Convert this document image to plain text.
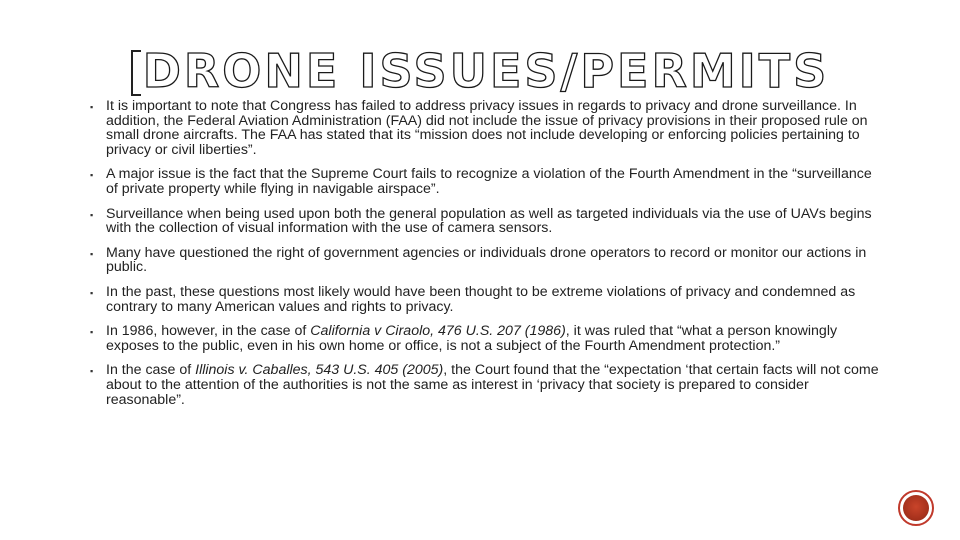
DRONE ISSUES/PERMITS
▪ It is important to note that Congress has failed to address privacy issues in regards to privacy and drone surveillance. In addition, the Federal Aviation Administration (FAA) did not include the issue of privacy provisions in their proposed rule on small drone aircrafts. The FAA has stated that its “mission does not include developing or enforcing policies pertaining to privacy or civil liberties”.
▪ A major issue is the fact that the Supreme Court fails to recognize a violation of the Fourth Amendment in the “surveillance of private property while flying in navigable airspace”.
▪ Surveillance when being used upon both the general population as well as targeted individuals via the use of UAVs begins with the collection of visual information with the use of camera sensors.
▪ Many have questioned the right of government agencies or individuals drone operators to record or monitor our actions in public.
▪ In the past, these questions most likely would have been thought to be extreme violations of privacy and condemned as contrary to many American values and rights to privacy.
▪ In 1986, however, in the case of California v Ciraolo, 476 U.S. 207 (1986), it was ruled that “what a person knowingly exposes to the public, even in his own home or office, is not a subject of the Fourth Amendment protection.”
▪ In the case of Illinois v. Caballes, 543 U.S. 405 (2005), the Court found that the “expectation ‘that certain facts will not come about to the attention of the authorities is not the same as interest in ‘privacy that society is prepared to consider reasonable”.
